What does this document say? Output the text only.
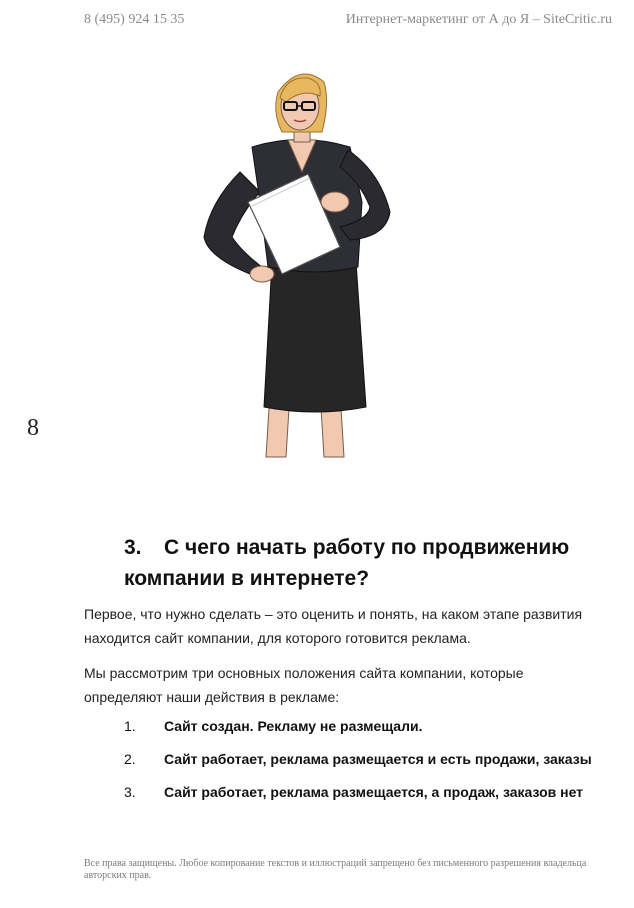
8 (495) 924 15 35	Интернет-маркетинг от А до Я – SiteCritic.ru
8
3. С чего начать работу по продвижению
компании в интернете?
Первое, что нужно сделать – это оценить и понять, на каком этапе развития находится сайт компании, для которого готовится реклама.
Мы рассмотрим три основных положения сайта компании, которые определяют наши действия в рекламе:
1. Сайт создан. Рекламу не размещали.
2. Сайт работает, реклама размещается и есть продажи, заказы
3. Сайт работает, реклама размещается, а продаж, заказов нет
Все права защищены. Любое копирование текстов и иллюстраций запрещено без письменного разрешения владельца авторских прав.
